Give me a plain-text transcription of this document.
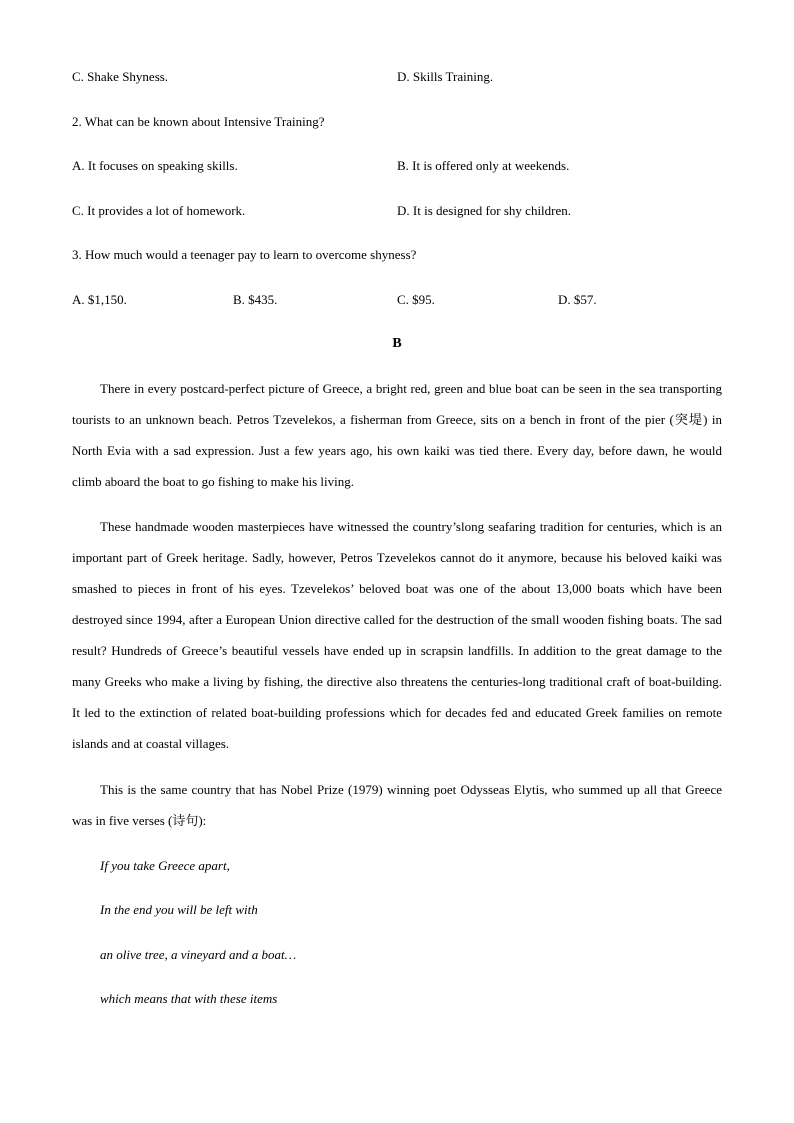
C. Shake Shyness.	D. Skills Training.
2. What can be known about Intensive Training?
A. It focuses on speaking skills.	B. It is offered only at weekends.
C. It provides a lot of homework.	D. It is designed for shy children.
3. How much would a teenager pay to learn to overcome shyness?
A. $1,150.	B. $435.	C. $95.	D. $57.
B
There in every postcard-perfect picture of Greece, a bright red, green and blue boat can be seen in the sea transporting tourists to an unknown beach. Petros Tzevelekos, a fisherman from Greece, sits on a bench in front of the pier (突堤) in North Evia with a sad expression. Just a few years ago, his own kaiki was tied there. Every day, before dawn, he would climb aboard the boat to go fishing to make his living.
These handmade wooden masterpieces have witnessed the country’slong seafaring tradition for centuries, which is an important part of Greek heritage. Sadly, however, Petros Tzevelekos cannot do it anymore, because his beloved kaiki was smashed to pieces in front of his eyes. Tzevelekos’ beloved boat was one of the about 13,000 boats which have been destroyed since 1994, after a European Union directive called for the destruction of the small wooden fishing boats. The sad result? Hundreds of Greece’s beautiful vessels have ended up in scrapsin landfills. In addition to the great damage to the many Greeks who make a living by fishing, the directive also threatens the centuries-long traditional craft of boat-building. It led to the extinction of related boat-building professions which for decades fed and educated Greek families on remote islands and at coastal villages.
This is the same country that has Nobel Prize (1979) winning poet Odysseas Elytis, who summed up all that Greece was in five verses (诗句):
If you take Greece apart,
In the end you will be left with
an olive tree, a vineyard and a boat…
which means that with these items
